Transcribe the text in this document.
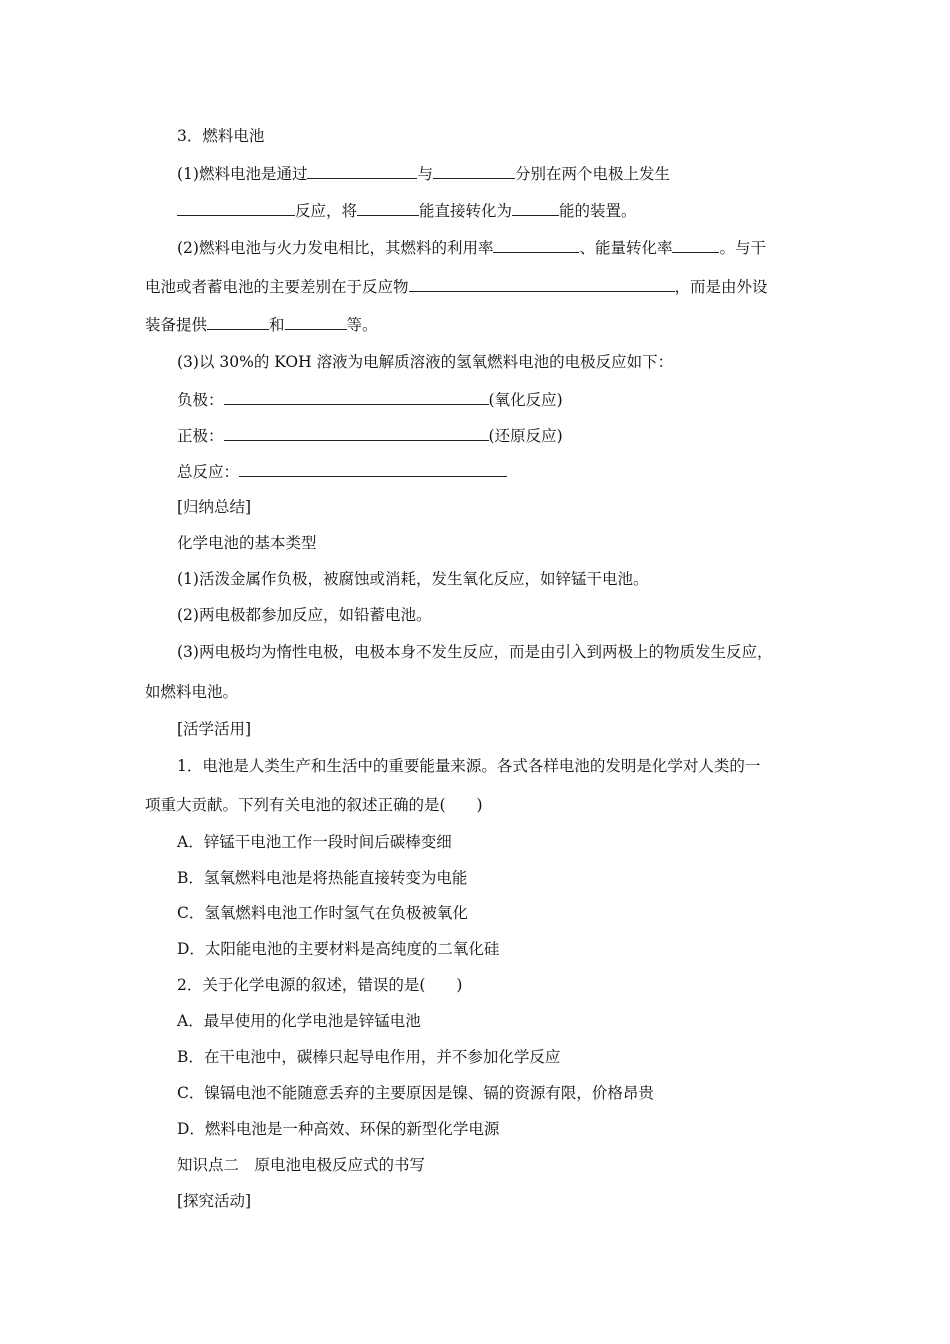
3．燃料电池
(1)燃料电池是通过	与	分别在两个电极上发生
反应，将	能直接转化为	能的装置。
(2)燃料电池与火力发电相比，其燃料的利用率	、能量转化率	。与干
电池或者蓄电池的主要差别在于反应物	，而是由外设
装备提供	和	等。
(3)以 30%的 KOH 溶液为电解质溶液的氢氧燃料电池的电极反应如下：
负极：	(氧化反应)
正极：	(还原反应)
总反应：
[归纳总结]
化学电池的基本类型
(1)活泼金属作负极，被腐蚀或消耗，发生氧化反应，如锌锰干电池。
(2)两电极都参加反应，如铅蓄电池。
(3)两电极均为惰性电极，电极本身不发生反应，而是由引入到两极上的物质发生反应，
如燃料电池。
[活学活用]
1．电池是人类生产和生活中的重要能量来源。各式各样电池的发明是化学对人类的一
项重大贡献。下列有关电池的叙述正确的是(　　)
A．锌锰干电池工作一段时间后碳棒变细
B．氢氧燃料电池是将热能直接转变为电能
C．氢氧燃料电池工作时氢气在负极被氧化
D．太阳能电池的主要材料是高纯度的二氧化硅
2．关于化学电源的叙述，错误的是(　　)
A．最早使用的化学电池是锌锰电池
B．在干电池中，碳棒只起导电作用，并不参加化学反应
C．镍镉电池不能随意丢弃的主要原因是镍、镉的资源有限，价格昂贵
D．燃料电池是一种高效、环保的新型化学电源
知识点二　原电池电极反应式的书写
[探究活动]
